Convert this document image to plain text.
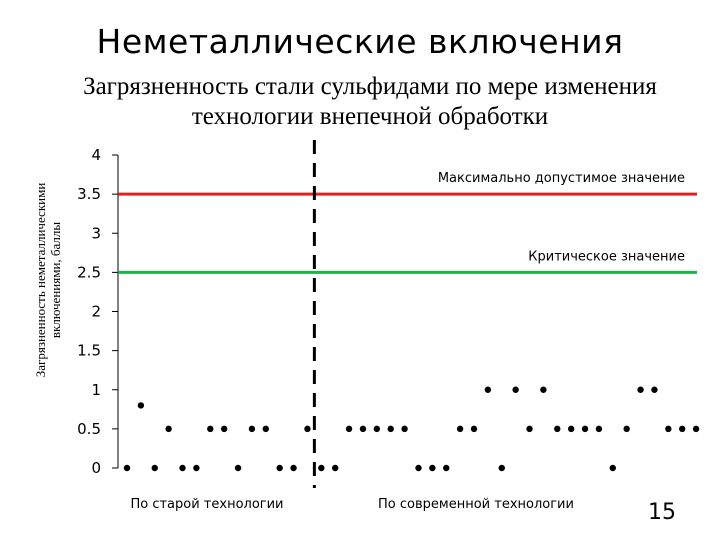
Неметаллические включения
Загрязненность стали сульфидами по мере изменения
технологии внепечной обработки
0
0.5
1
1.5
2
2.5
3
3.5
4
Загрязненность неметаллическими включениями, баллы
Максимально допустимое значение
Критическое значение
По старой технологии	По современной технологии	15
